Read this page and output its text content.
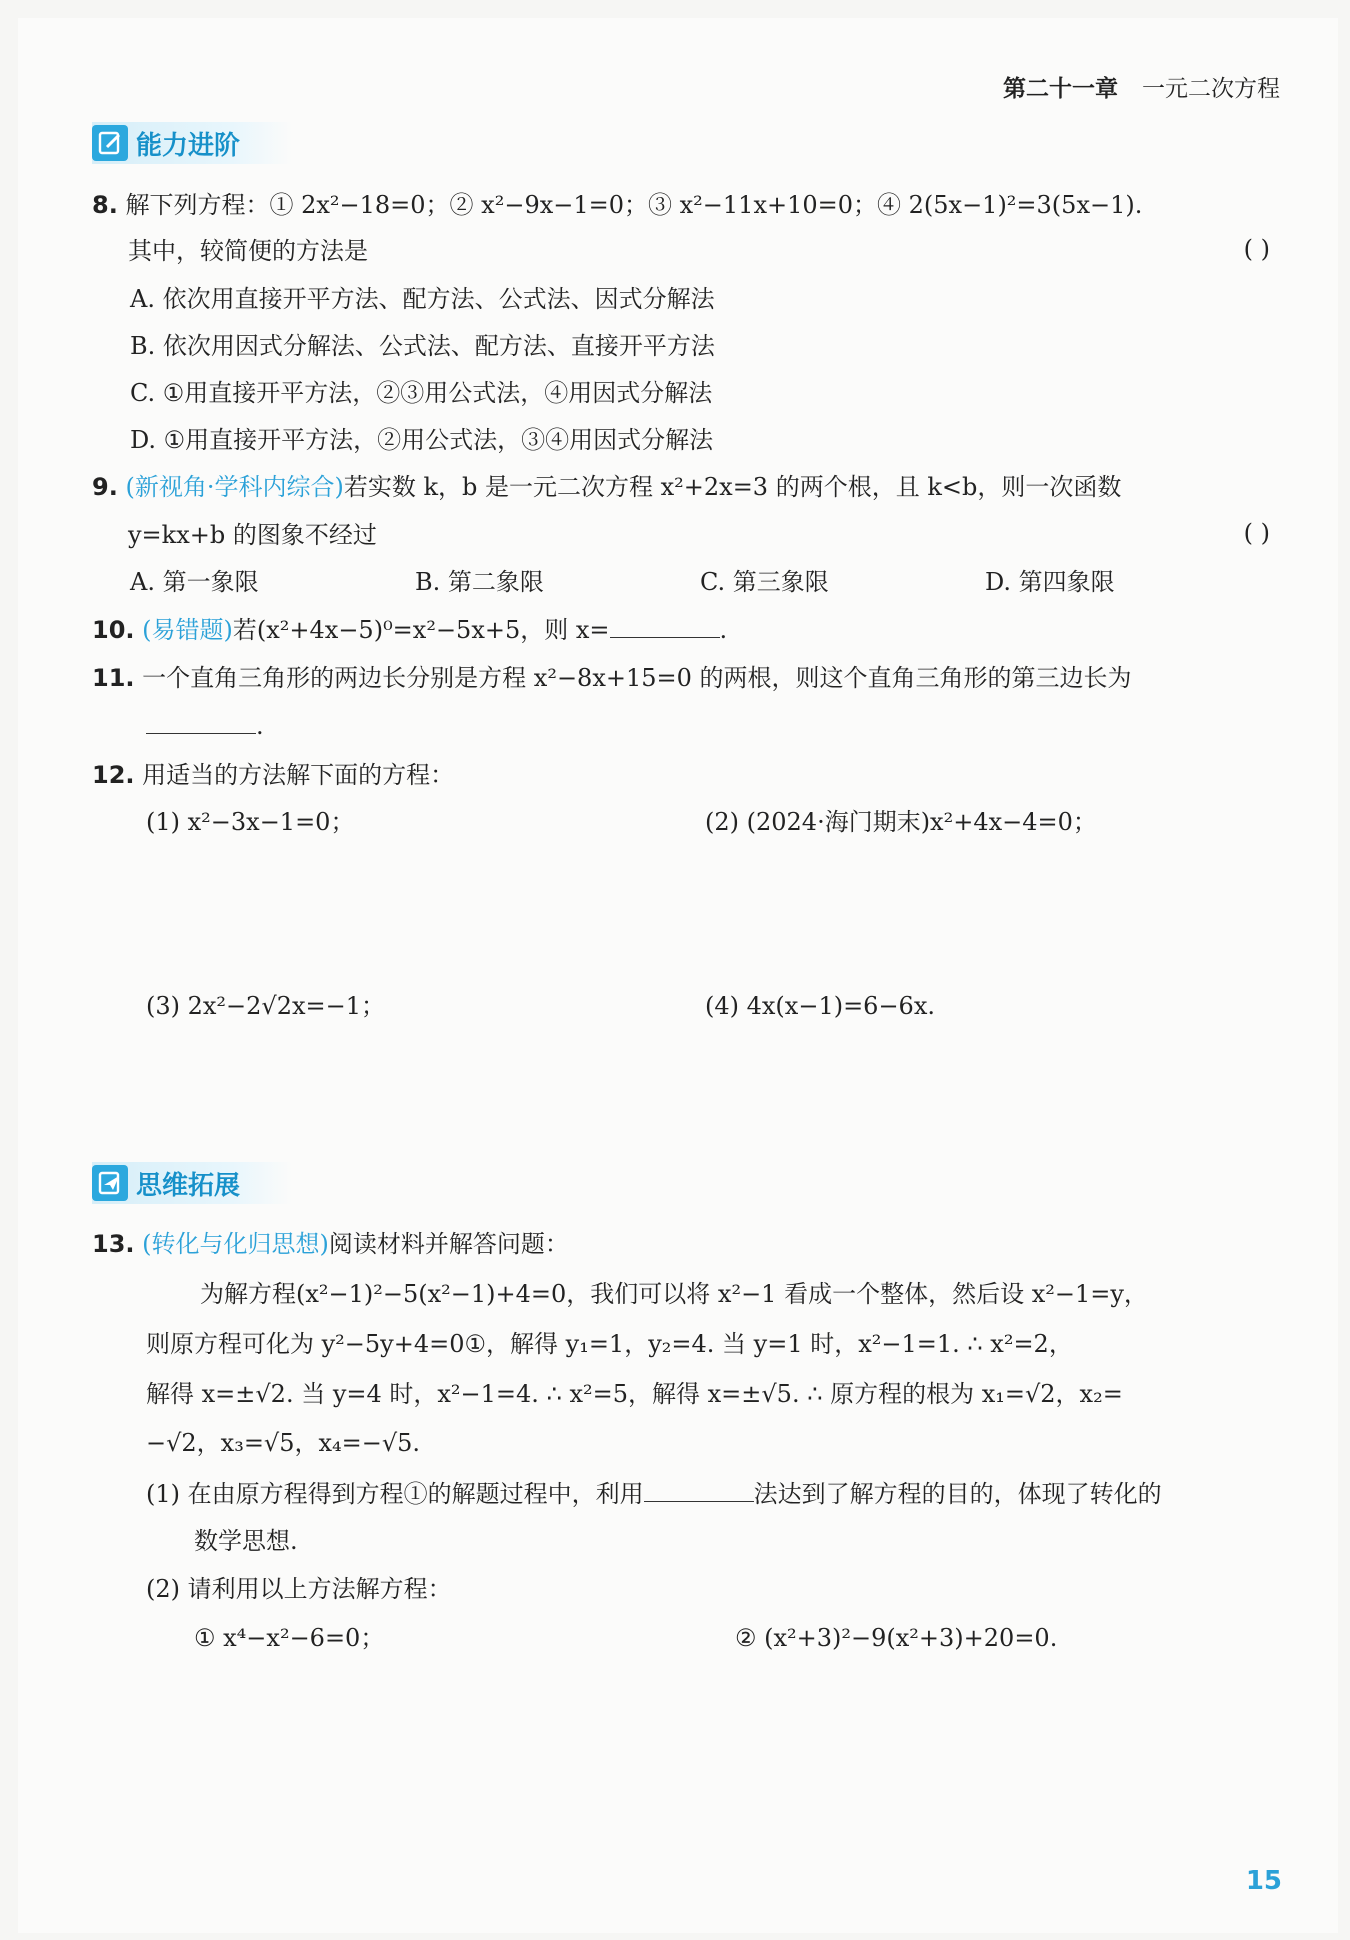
第二十一章 一元二次方程
能力进阶
8. 解下列方程：① 2x²−18=0；② x²−9x−1=0；③ x²−11x+10=0；④ 2(5x−1)²=3(5x−1).
其中，较简便的方法是	( )
A. 依次用直接开平方法、配方法、公式法、因式分解法
B. 依次用因式分解法、公式法、配方法、直接开平方法
C. ①用直接开平方法，②③用公式法，④用因式分解法
D. ①用直接开平方法，②用公式法，③④用因式分解法
9. (新视角·学科内综合)若实数 k，b 是一元二次方程 x²+2x=3 的两个根，且 k<b，则一次函数
y=kx+b 的图象不经过	( )
A. 第一象限	B. 第二象限	C. 第三象限	D. 第四象限
10. (易错题)若(x²+4x−5)⁰=x²−5x+5，则 x=	.
11. 一个直角三角形的两边长分别是方程 x²−8x+15=0 的两根，则这个直角三角形的第三边长为
.
12. 用适当的方法解下面的方程：
(1) x²−3x−1=0；	(2) (2024·海门期末)x²+4x−4=0；
(3) 2x²−2√2x=−1；	(4) 4x(x−1)=6−6x.
思维拓展
13. (转化与化归思想)阅读材料并解答问题：
为解方程(x²−1)²−5(x²−1)+4=0，我们可以将 x²−1 看成一个整体，然后设 x²−1=y，
则原方程可化为 y²−5y+4=0①，解得 y₁=1，y₂=4. 当 y=1 时，x²−1=1. ∴ x²=2，
解得 x=±√2. 当 y=4 时，x²−1=4. ∴ x²=5，解得 x=±√5. ∴ 原方程的根为 x₁=√2，x₂=
−√2，x₃=√5，x₄=−√5.
(1) 在由原方程得到方程①的解题过程中，利用	法达到了解方程的目的，体现了转化的
数学思想.
(2) 请利用以上方法解方程：
① x⁴−x²−6=0；	② (x²+3)²−9(x²+3)+20=0.
15
